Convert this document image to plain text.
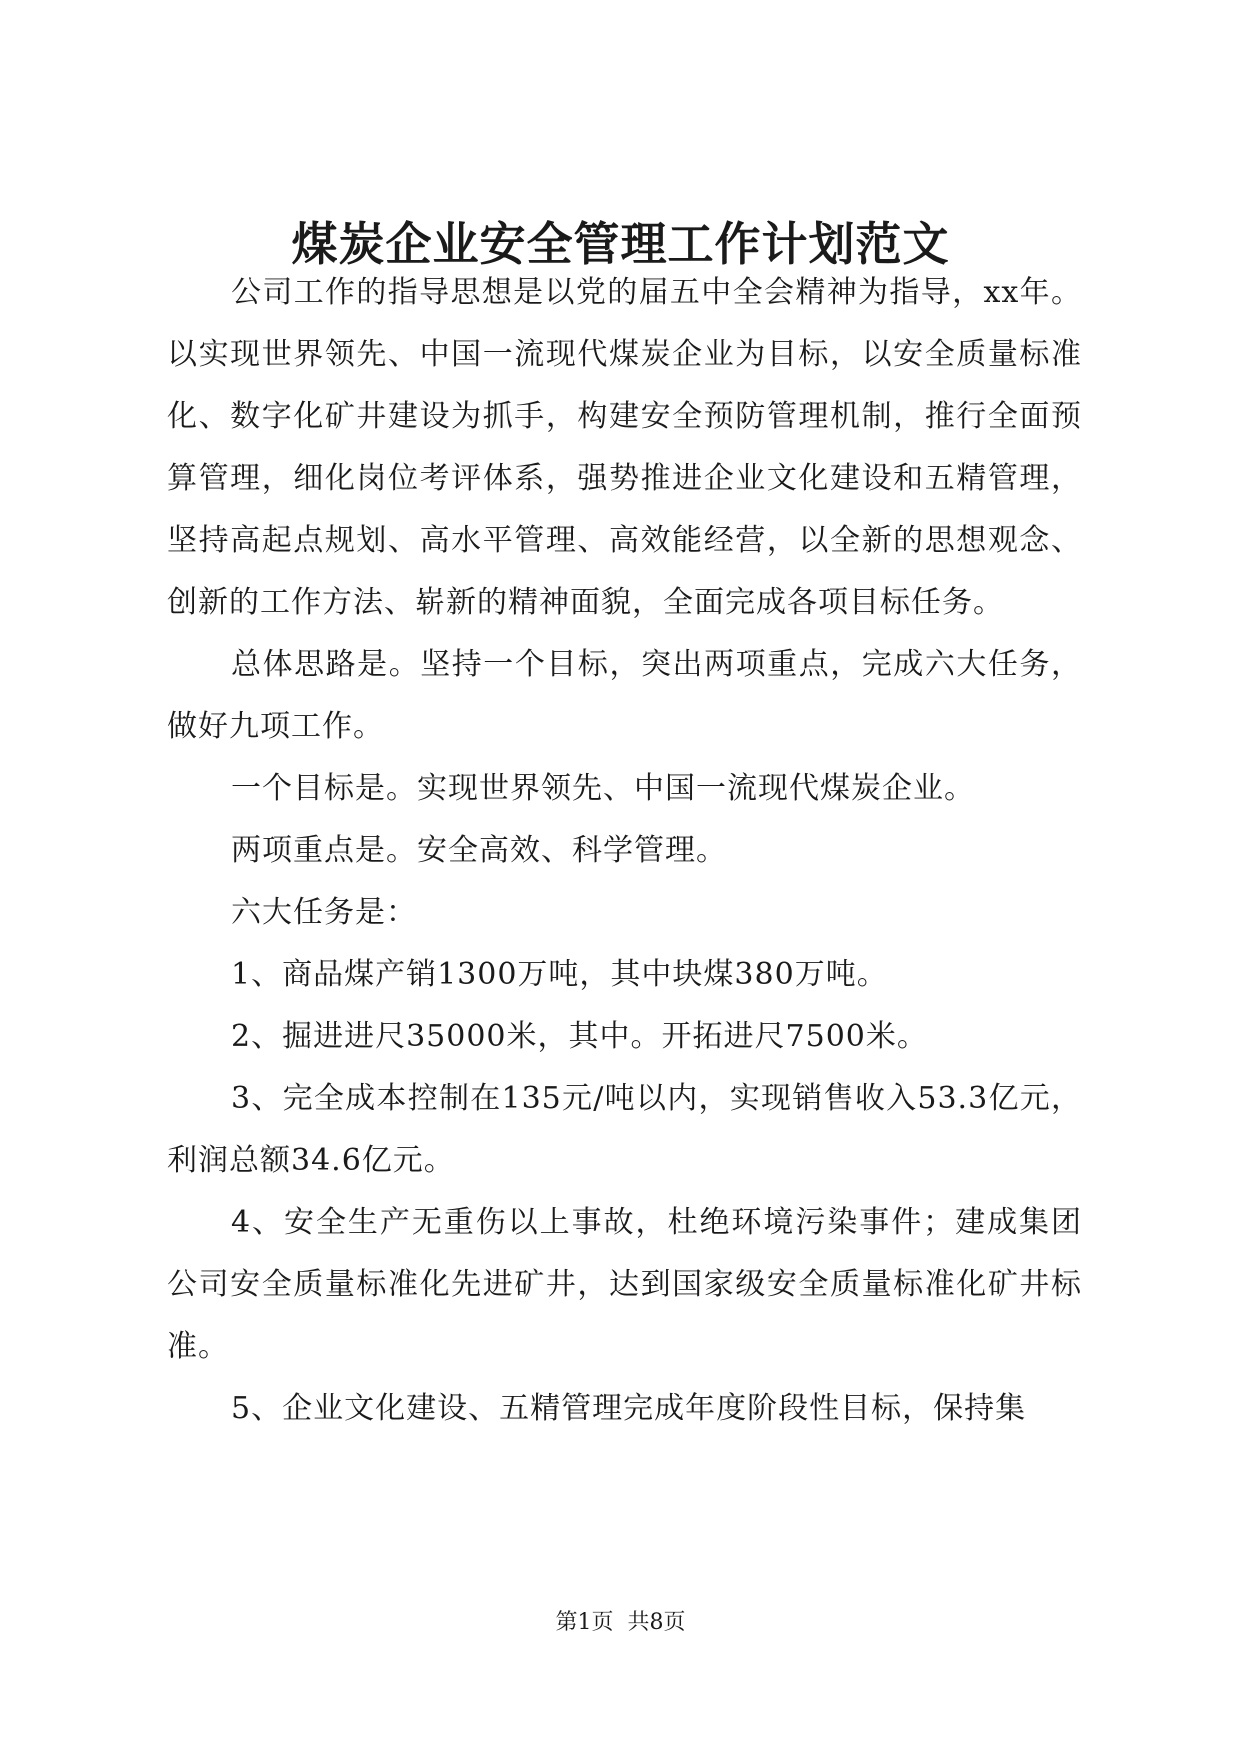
煤炭企业安全管理工作计划范文

公司工作的指导思想是以党的届五中全会精神为指导，xx年。以实现世界领先、中国一流现代煤炭企业为目标，以安全质量标准化、数字化矿井建设为抓手，构建安全预防管理机制，推行全面预算管理，细化岗位考评体系，强势推进企业文化建设和五精管理，坚持高起点规划、高水平管理、高效能经营，以全新的思想观念、创新的工作方法、崭新的精神面貌，全面完成各项目标任务。

总体思路是。坚持一个目标，突出两项重点，完成六大任务，做好九项工作。

一个目标是。实现世界领先、中国一流现代煤炭企业。

两项重点是。安全高效、科学管理。

六大任务是：

1、商品煤产销1300万吨，其中块煤380万吨。

2、掘进进尺35000米，其中。开拓进尺7500米。

3、完全成本控制在135元/吨以内，实现销售收入53.3亿元，利润总额34.6亿元。

4、安全生产无重伤以上事故，杜绝环境污染事件；建成集团公司安全质量标准化先进矿井，达到国家级安全质量标准化矿井标准。

5、企业文化建设、五精管理完成年度阶段性目标，保持集

第1页  共8页
